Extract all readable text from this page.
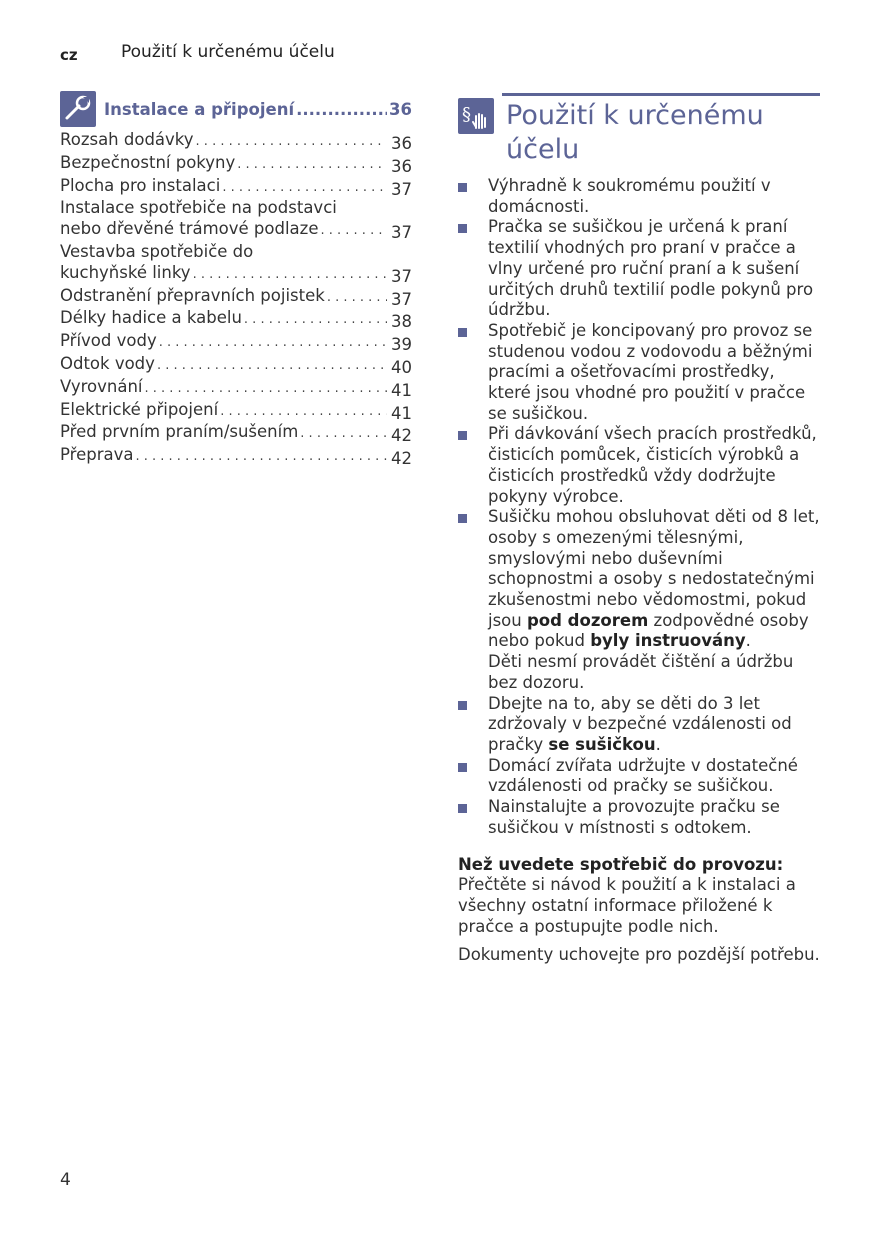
cz	Použití k určenému účelu
Instalace a připojení .....	36
Rozsah dodávky . . .	36
Bezpečnostní pokyny . . .	36
Plocha pro instalaci . . .	37
Instalace spotřebiče na podstavci
nebo dřevěné trámové podlaze . . .	37
Vestavba spotřebiče do
kuchyňské linky . . .	37
Odstranění přepravních pojistek . . .	37
Délky hadice a kabelu . . .	38
Přívod vody . . .	39
Odtok vody . . .	40
Vyrovnání . . .	41
Elektrické připojení . . .	41
Před prvním praním/sušením . . .	42
Přeprava . . .	42
§ Použití k určenému účelu
Výhradně k soukromému použití v domácnosti.
Pračka se sušičkou je určená k praní textilií vhodných pro praní v pračce a vlny určené pro ruční praní a k sušení určitých druhů textilií podle pokynů pro údržbu.
Spotřebič je koncipovaný pro provoz se studenou vodou z vodovodu a běžnými pracími a ošetřovacími prostředky, které jsou vhodné pro použití v pračce se sušičkou.
Při dávkování všech pracích prostředků, čisticích pomůcek, čisticích výrobků a čisticích prostředků vždy dodržujte pokyny výrobce.
Sušičku mohou obsluhovat děti od 8 let, osoby s omezenými tělesnými, smyslovými nebo duševními schopnostmi a osoby s nedostatečnými zkušenostmi nebo vědomostmi, pokud jsou pod dozorem zodpovědné osoby nebo pokud byly instruovány.
Děti nesmí provádět čištění a údržbu bez dozoru.
Dbejte na to, aby se děti do 3 let zdržovaly v bezpečné vzdálenosti od pračky se sušičkou.
Domácí zvířata udržujte v dostatečné vzdálenosti od pračky se sušičkou.
Nainstalujte a provozujte pračku se sušičkou v místnosti s odtokem.
Než uvedete spotřebič do provozu:
Přečtěte si návod k použití a k instalaci a všechny ostatní informace přiložené k pračce a postupujte podle nich.
Dokumenty uchovejte pro pozdější potřebu.
4
